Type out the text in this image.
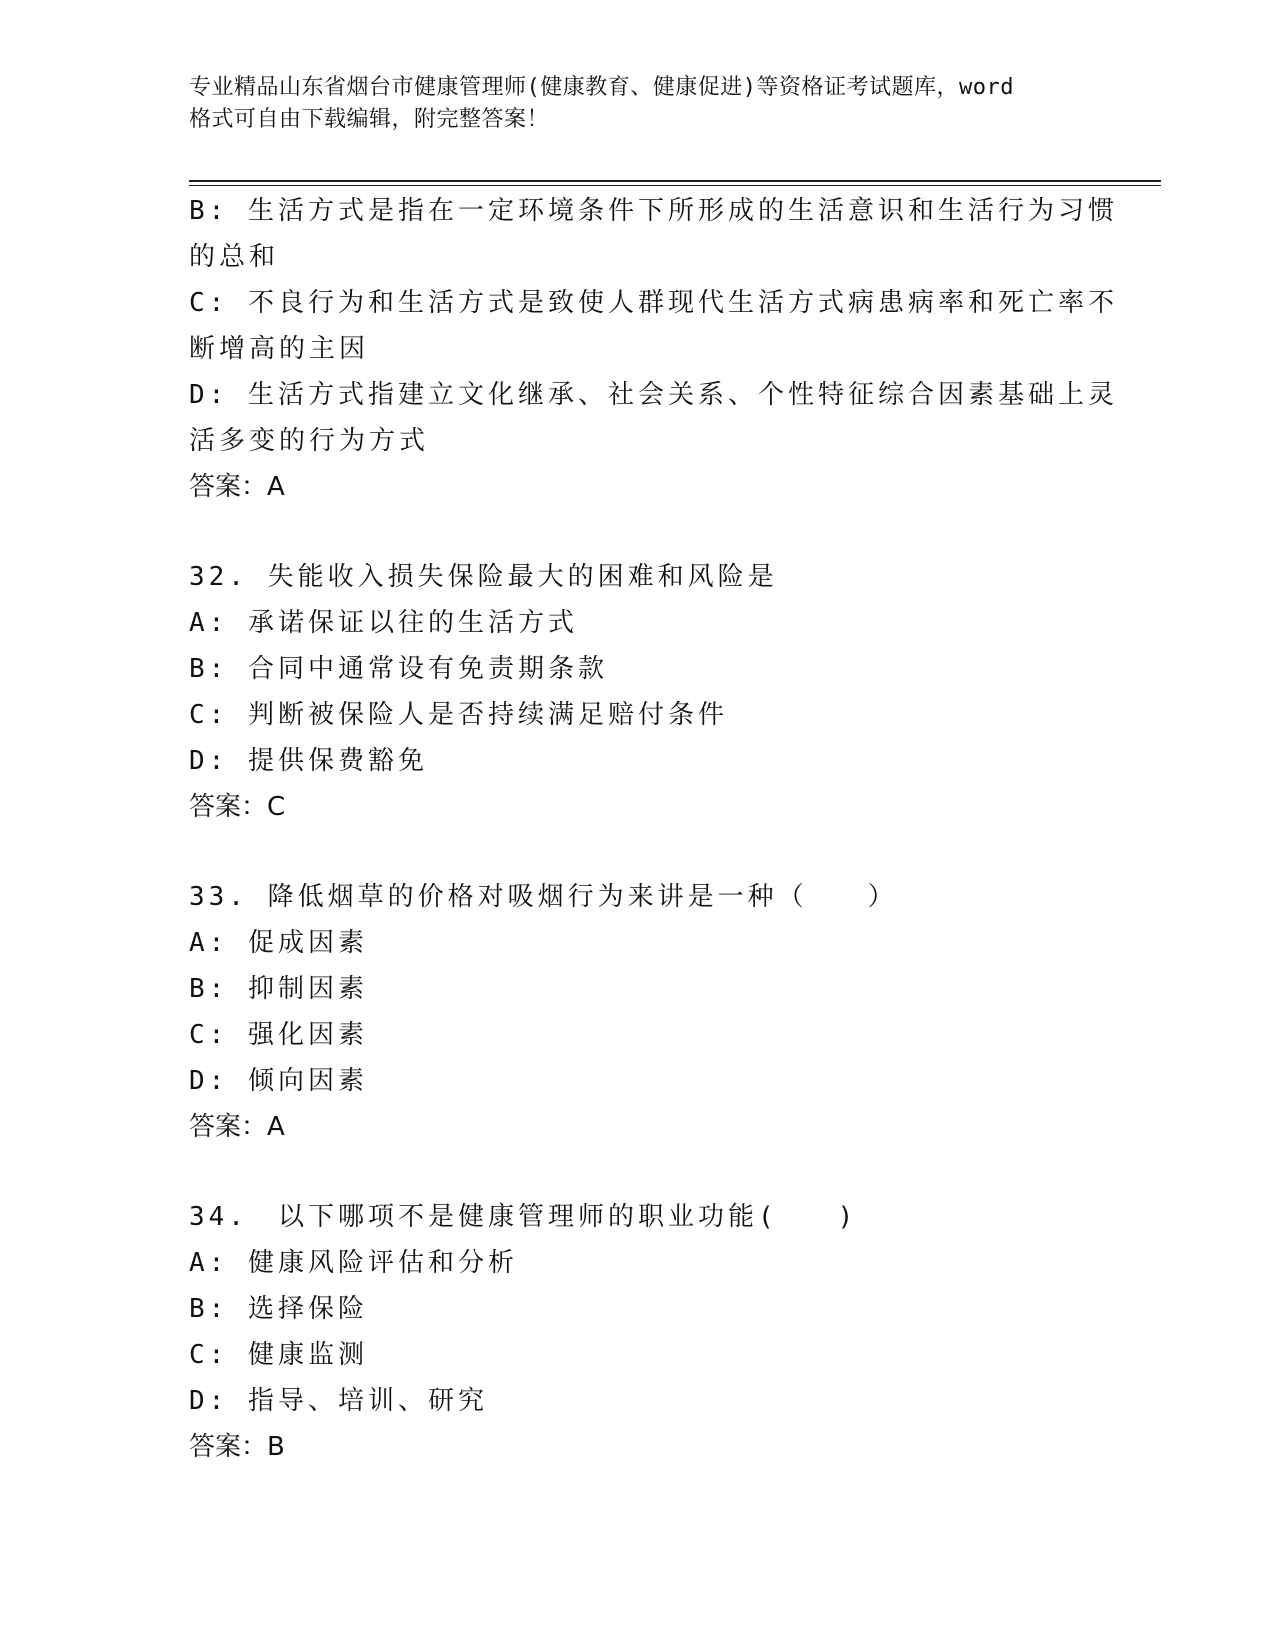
专业精品山东省烟台市健康管理师(健康教育、健康促进)等资格证考试题库，word
格式可自由下载编辑，附完整答案！
B: 生活方式是指在一定环境条件下所形成的生活意识和生活行为习惯
的总和
C: 不良行为和生活方式是致使人群现代生活方式病患病率和死亡率不
断增高的主因
D: 生活方式指建立文化继承、社会关系、个性特征综合因素基础上灵
活多变的行为方式
答案：A
32. 失能收入损失保险最大的困难和风险是
A: 承诺保证以往的生活方式
B: 合同中通常设有免责期条款
C: 判断被保险人是否持续满足赔付条件
D: 提供保费豁免
答案：C
33. 降低烟草的价格对吸烟行为来讲是一种（　　）
A: 促成因素
B: 抑制因素
C: 强化因素
D: 倾向因素
答案：A
34.　以下哪项不是健康管理师的职业功能(　　)
A: 健康风险评估和分析
B: 选择保险
C: 健康监测
D: 指导、培训、研究
答案：B
